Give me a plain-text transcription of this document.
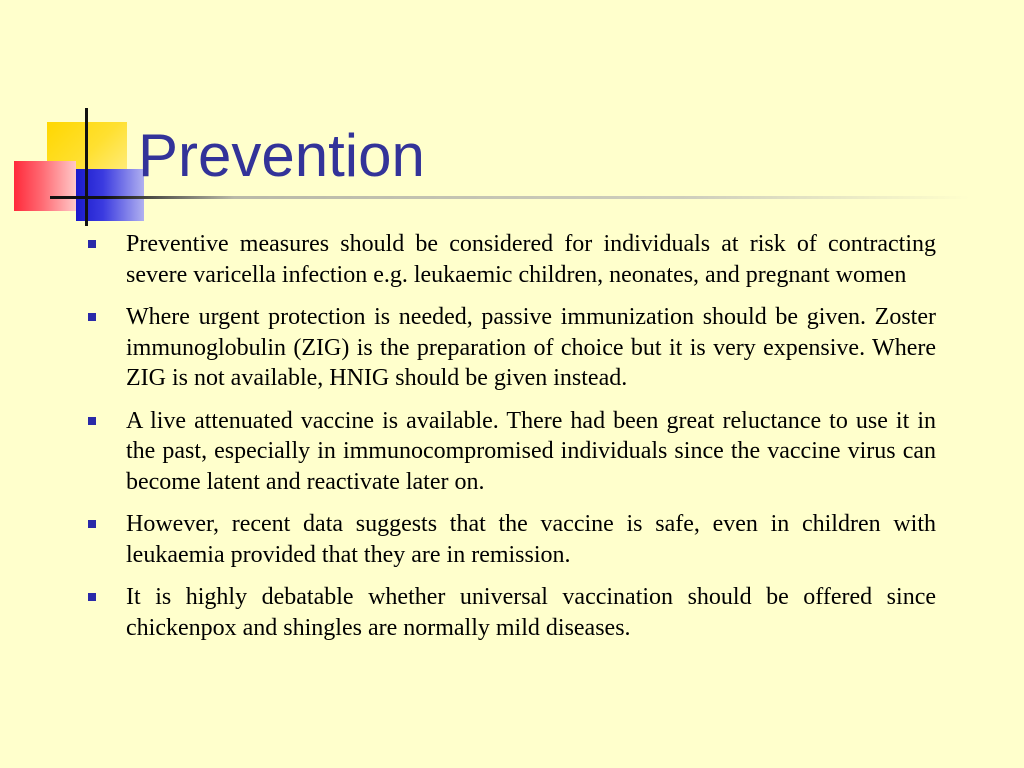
Prevention
Preventive measures should be considered for individuals at risk of contracting severe varicella infection e.g. leukaemic children, neonates, and pregnant women
Where urgent protection is needed, passive immunization should be given. Zoster immunoglobulin (ZIG) is the preparation of choice but it is very expensive. Where ZIG is not available, HNIG should be given instead.
A live attenuated vaccine is available. There had been great reluctance to use it in the past, especially in immunocompromised individuals since the vaccine virus can become latent and reactivate later on.
However, recent data suggests that the vaccine is safe, even in children with leukaemia provided that they are in remission.
It is highly debatable whether universal vaccination should be offered since chickenpox and shingles are normally mild diseases.
